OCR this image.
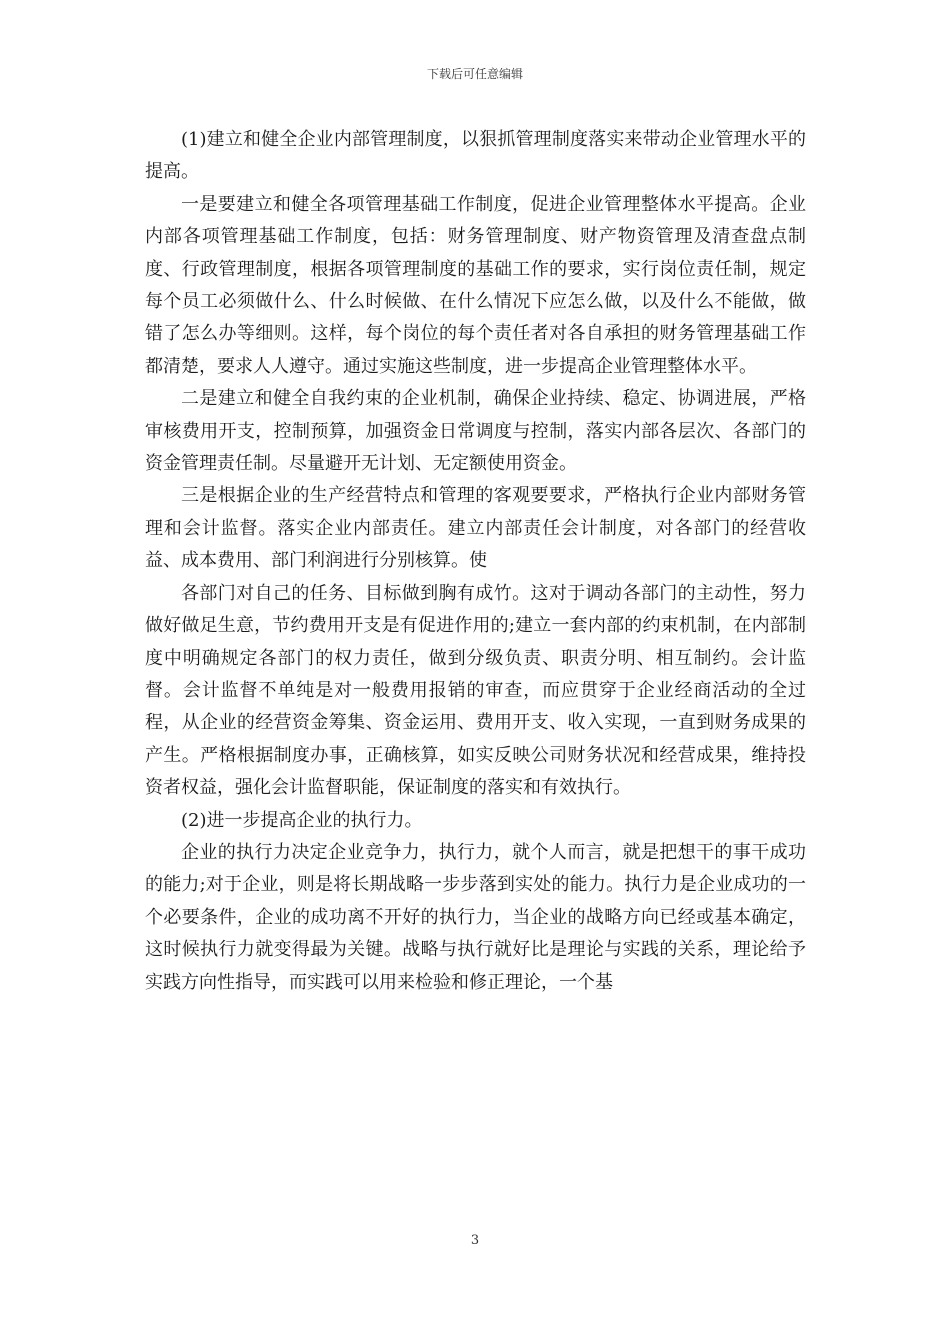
下载后可任意编辑

(1)建立和健全企业内部管理制度，以狠抓管理制度落实来带动企业管理水平的提高。

一是要建立和健全各项管理基础工作制度，促进企业管理整体水平提高。企业内部各项管理基础工作制度，包括：财务管理制度、财产物资管理及清查盘点制度、行政管理制度，根据各项管理制度的基础工作的要求，实行岗位责任制，规定每个员工必须做什么、什么时候做、在什么情况下应怎么做，以及什么不能做，做错了怎么办等细则。这样，每个岗位的每个责任者对各自承担的财务管理基础工作都清楚，要求人人遵守。通过实施这些制度，进一步提高企业管理整体水平。

二是建立和健全自我约束的企业机制，确保企业持续、稳定、协调进展，严格审核费用开支，控制预算，加强资金日常调度与控制，落实内部各层次、各部门的资金管理责任制。尽量避开无计划、无定额使用资金。

三是根据企业的生产经营特点和管理的客观要要求，严格执行企业内部财务管理和会计监督。落实企业内部责任。建立内部责任会计制度，对各部门的经营收益、成本费用、部门利润进行分别核算。使

各部门对自己的任务、目标做到胸有成竹。这对于调动各部门的主动性，努力做好做足生意，节约费用开支是有促进作用的;建立一套内部的约束机制，在内部制度中明确规定各部门的权力责任，做到分级负责、职责分明、相互制约。会计监督。会计监督不单纯是对一般费用报销的审查，而应贯穿于企业经商活动的全过程，从企业的经营资金筹集、资金运用、费用开支、收入实现，一直到财务成果的产生。严格根据制度办事，正确核算，如实反映公司财务状况和经营成果，维持投资者权益，强化会计监督职能，保证制度的落实和有效执行。

(2)进一步提高企业的执行力。

企业的执行力决定企业竞争力，执行力，就个人而言，就是把想干的事干成功的能力;对于企业，则是将长期战略一步步落到实处的能力。执行力是企业成功的一个必要条件，企业的成功离不开好的执行力，当企业的战略方向已经或基本确定，这时候执行力就变得最为关键。战略与执行就好比是理论与实践的关系，理论给予实践方向性指导，而实践可以用来检验和修正理论，一个基

3
